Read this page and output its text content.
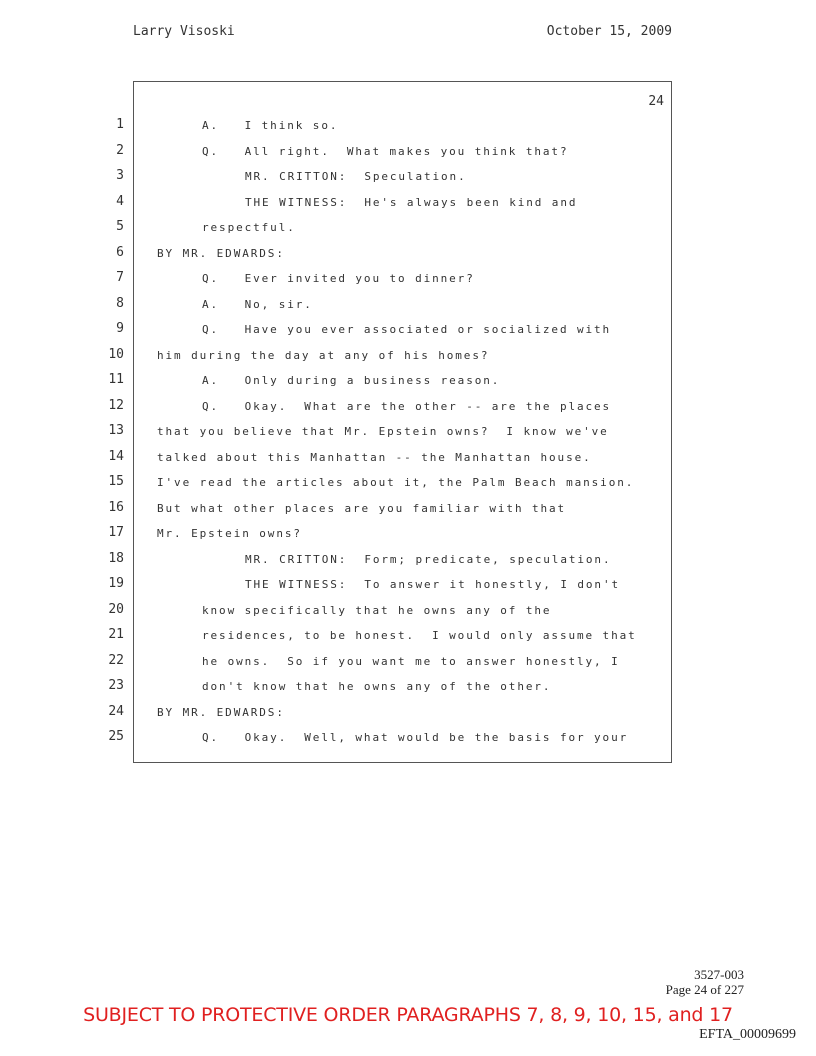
Larry Visoski	October 15, 2009
24
1	A.   I think so.
2	Q.   All right.  What makes you think that?
3	MR. CRITTON:  Speculation.
4	THE WITNESS:  He's always been kind and
5	respectful.
6	BY MR. EDWARDS:
7	Q.   Ever invited you to dinner?
8	A.   No, sir.
9	Q.   Have you ever associated or socialized with
10	him during the day at any of his homes?
11	A.   Only during a business reason.
12	Q.   Okay.  What are the other -- are the places
13	that you believe that Mr. Epstein owns?  I know we've
14	talked about this Manhattan -- the Manhattan house.
15	I've read the articles about it, the Palm Beach mansion.
16	But what other places are you familiar with that
17	Mr. Epstein owns?
18	MR. CRITTON:  Form; predicate, speculation.
19	THE WITNESS:  To answer it honestly, I don't
20	know specifically that he owns any of the
21	residences, to be honest.  I would only assume that
22	he owns.  So if you want me to answer honestly, I
23	don't know that he owns any of the other.
24	BY MR. EDWARDS:
25	Q.   Okay.  Well, what would be the basis for your
3527-003
Page 24 of 227
SUBJECT TO PROTECTIVE ORDER PARAGRAPHS 7, 8, 9, 10, 15, and 17
EFTA_00009699
